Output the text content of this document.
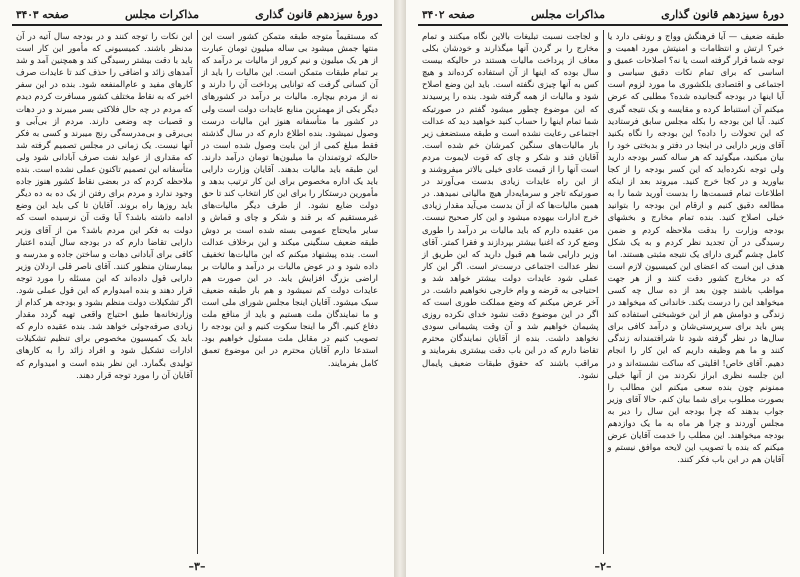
دورهٔ سیزدهم قانون گذاری
مذاکرات مجلس
صفحه ۳۴۰۲

طبقه ضعیف — آیا فرهنگش وواج و رونقی دارد یا خیر؟ ارتش و انتظامات و امنیتش مورد اهمیت و توجه شما قرار گرفته است یا نه؟ اصلاحات عمیق و اساسی که برای تمام نکات دقیق سیاسی و اجتماعی و اقتصادی بلکشوری ما مورد لزوم است آیا اینها در بودجه گنجانیده شده؟ مطلبی که عرض میکنم آن استنباط کرده و مقایسه و یک نتیجه گیری کنید. آیا این بودجه را بکله مجلس سابق فرستادید که این تحولات را داده؟ این بودجه را نگاه بکنید آقای وزیر دارایی در اینجا در دفتر و بدبختی خود را بیان میکنید، میگوئید که هر ساله کسر بودجه دارید ولی توجه نکرده‌اید که این کسر بودجه را از کجا بیاورید و در کجا خرج کنید. میروند بعد از اینکه اطلاعات تمام قسمت‌ها را بدست آورید شما را به مطالعه دقیق کنیم و ارقام این بودجه را بتوانید خیلی اصلاح کنید. بنده تمام مخارج و بخشهای بودجه وزارت را بدقت ملاحظه کردم و ضمن رسیدگی در آن تجدید نظر کردم و به یک شکل کامل چشم گیری دارای یک نتیجه مثبتی هستند. اما هدف این است که اعضای این کمیسیون لازم است که در مخارج کشور دقت کنند و از هر جهت مواظب باشند چون بعد از ده سال چه کسی میخواهد این را درست بکند. خاندانی که میخواهد در زندگی و دوامش هم از این خوشبختی استفاده کند پس باید برای سرپرستی‌شان و درآمد کافی برای سال‌ها در نظر گرفته شود تا شرافتمندانه زندگی کنند و ما هم وظیفه داریم که این کار را انجام دهیم. آقای خاص! اقلیتی که ساکت نشسته‌اند و در این جلسه نظری ابراز نکردند من از آنها خیلی ممنونم چون بنده سعی میکنم این مطالب را بصورت مطلوب برای شما بیان کنم. حالا آقای وزیر جواب بدهند که چرا بودجه این سال را دیر به مجلس آوردند و چرا هر ماه به ما یک دوازدهم بودجه میخواهند. این مطلب را خدمت آقایان عرض میکنم که بنده با تصویب این لایحه موافق نیستم و آقایان هم در این باب فکر کنند.

و لجاجت نسبت تبلیغات بالاین نگاه میکنند و تمام مخارج را بر گردن آنها میگذارند و خودشان بکلی معاف از پرداخت مالیات هستند در حالیکه بیست سال بوده که اینها از آن استفاده کرده‌اند و هیچ کس به آنها چیزی نگفته است. باید این وضع اصلاح شود و مالیات از همه گرفته شود. بنده را پرسیدند که این موضوع چطور میشود گفتم در صورتیکه شما تمام اینها را حساب کنید خواهید دید که عدالت اجتماعی رعایت نشده است و طبقه مستضعف زیر بار مالیات‌های سنگین کمرشان خم شده است. آقایان قند و شکر و چای که قوت لایموت مردم است آنها را از قیمت عادی خیلی بالاتر میفروشند و از این راه عایدات زیادی بدست می‌آورند در صورتیکه تاجر و سرمایه‌دار هیچ مالیاتی نمیدهد. در همین مالیات‌ها که از آن بدست می‌آید مقدار زیادی خرج ادارات بیهوده میشود و این کار صحیح نیست. من عقیده دارم که باید مالیات بر درآمد را طوری وضع کرد که اغنیا بیشتر بپردازند و فقرا کمتر. آقای وزیر دارایی شما هم قبول دارید که این طریق از نظر عدالت اجتماعی درست‌تر است. اگر این کار عملی شود عایدات دولت بیشتر خواهد شد و احتیاجی به قرضه و وام خارجی نخواهیم داشت. در آخر عرض میکنم که وضع مملکت طوری است که اگر در این موضوع دقت نشود خدای نکرده روزی پشیمان خواهیم شد و آن وقت پشیمانی سودی نخواهد داشت. بنده از آقایان نمایندگان محترم تقاضا دارم که در این باب دقت بیشتری بفرمایند و مراقب باشند که حقوق طبقات ضعیف پایمال نشود.

–۲–
دورهٔ سیزدهم قانون گذاری
مذاکرات مجلس
صفحه ۳۴۰۳

که مستقیماً متوجه طبقه متمکن کشور است این منتها جمش میشود بی ساله میلیون تومان عبارت از هر یک میلیون و نیم کرور از مالیات بر درآمد که بر تمام طبقات متمکن است. این مالیات را باید از آن کسانی گرفت که توانایی پرداخت آن را دارند و نه از مردم بیچاره. مالیات بر درآمد در کشورهای دیگر یکی از مهمترین منابع عایدات دولت است ولی در کشور ما متأسفانه هنوز این مالیات درست وصول نمیشود. بنده اطلاع دارم که در سال گذشته فقط مبلغ کمی از این بابت وصول شده است در حالیکه ثروتمندان ما میلیون‌ها تومان درآمد دارند. این طبقه باید مالیات بدهند. آقایان وزارت دارایی باید یک اداره مخصوص برای این کار ترتیب بدهد و مأمورین درستکار را برای این کار انتخاب کند تا حق دولت ضایع نشود. از طرف دیگر مالیات‌های غیرمستقیم که بر قند و شکر و چای و قماش و سایر مایحتاج عمومی بسته شده است بر دوش طبقه ضعیف سنگینی میکند و این برخلاف عدالت است. بنده پیشنهاد میکنم که این مالیات‌ها تخفیف داده شود و در عوض مالیات بر درآمد و مالیات بر اراضی بزرگ افزایش یابد. در این صورت هم عایدات دولت کم نمیشود و هم بار طبقه ضعیف سبک میشود. آقایان اینجا مجلس شورای ملی است و ما نمایندگان ملت هستیم و باید از منافع ملت دفاع کنیم. اگر ما اینجا سکوت کنیم و این بودجه را تصویب کنیم در مقابل ملت مسئول خواهیم بود. استدعا دارم آقایان محترم در این موضوع تعمق کامل بفرمایند.

این نکات را توجه کنند و در بودجه سال آتیه در آن مدنظر باشند. کمیسیونی که مأمور این کار است باید با دقت بیشتر رسیدگی کند و همچنین آمد و شد آمدهای زائد و اضافی را حذف کند تا عایدات صرف کارهای مفید و عام‌المنفعه شود. بنده در این سفر اخیر که به نقاط مختلف کشور مسافرت کردم دیدم که مردم در چه حال فلاکتی بسر میبرند و در دهات و قصبات چه وضعی دارند. مردم از بی‌آبی و بی‌برقی و بی‌مدرسه‌گی رنج میبرند و کسی به فکر آنها نیست. یک زمانی در مجلس تصمیم گرفته شد که مقداری از عواید نفت صرف آبادانی شود ولی متأسفانه این تصمیم تاکنون عملی نشده است. بنده ملاحظه کردم که در بعضی نقاط کشور هنوز جاده وجود ندارد و مردم برای رفتن از یک ده به ده دیگر باید روزها راه بروند. آقایان تا کی باید این وضع ادامه داشته باشد؟ آیا وقت آن نرسیده است که دولت به فکر این مردم باشد؟ من از آقای وزیر دارایی تقاضا دارم که در بودجه سال آینده اعتبار کافی برای آبادانی دهات و ساختن جاده و مدرسه و بیمارستان منظور کنند. آقای ناصر قلی اردلان وزیر دارایی قول داده‌اند که این مسئله را مورد توجه قرار دهند و بنده امیدوارم که این قول عملی شود. اگر تشکیلات دولت منظم بشود و بودجه هر کدام از وزارتخانه‌ها طبق احتیاج واقعی تهیه گردد مقدار زیادی صرفه‌جوئی خواهد شد. بنده عقیده دارم که باید یک کمیسیون مخصوص برای تنظیم تشکیلات ادارات تشکیل شود و افراد زائد را به کارهای تولیدی بگمارد. این نظر بنده است و امیدوارم که آقایان آن را مورد توجه قرار دهند.

–۳–
